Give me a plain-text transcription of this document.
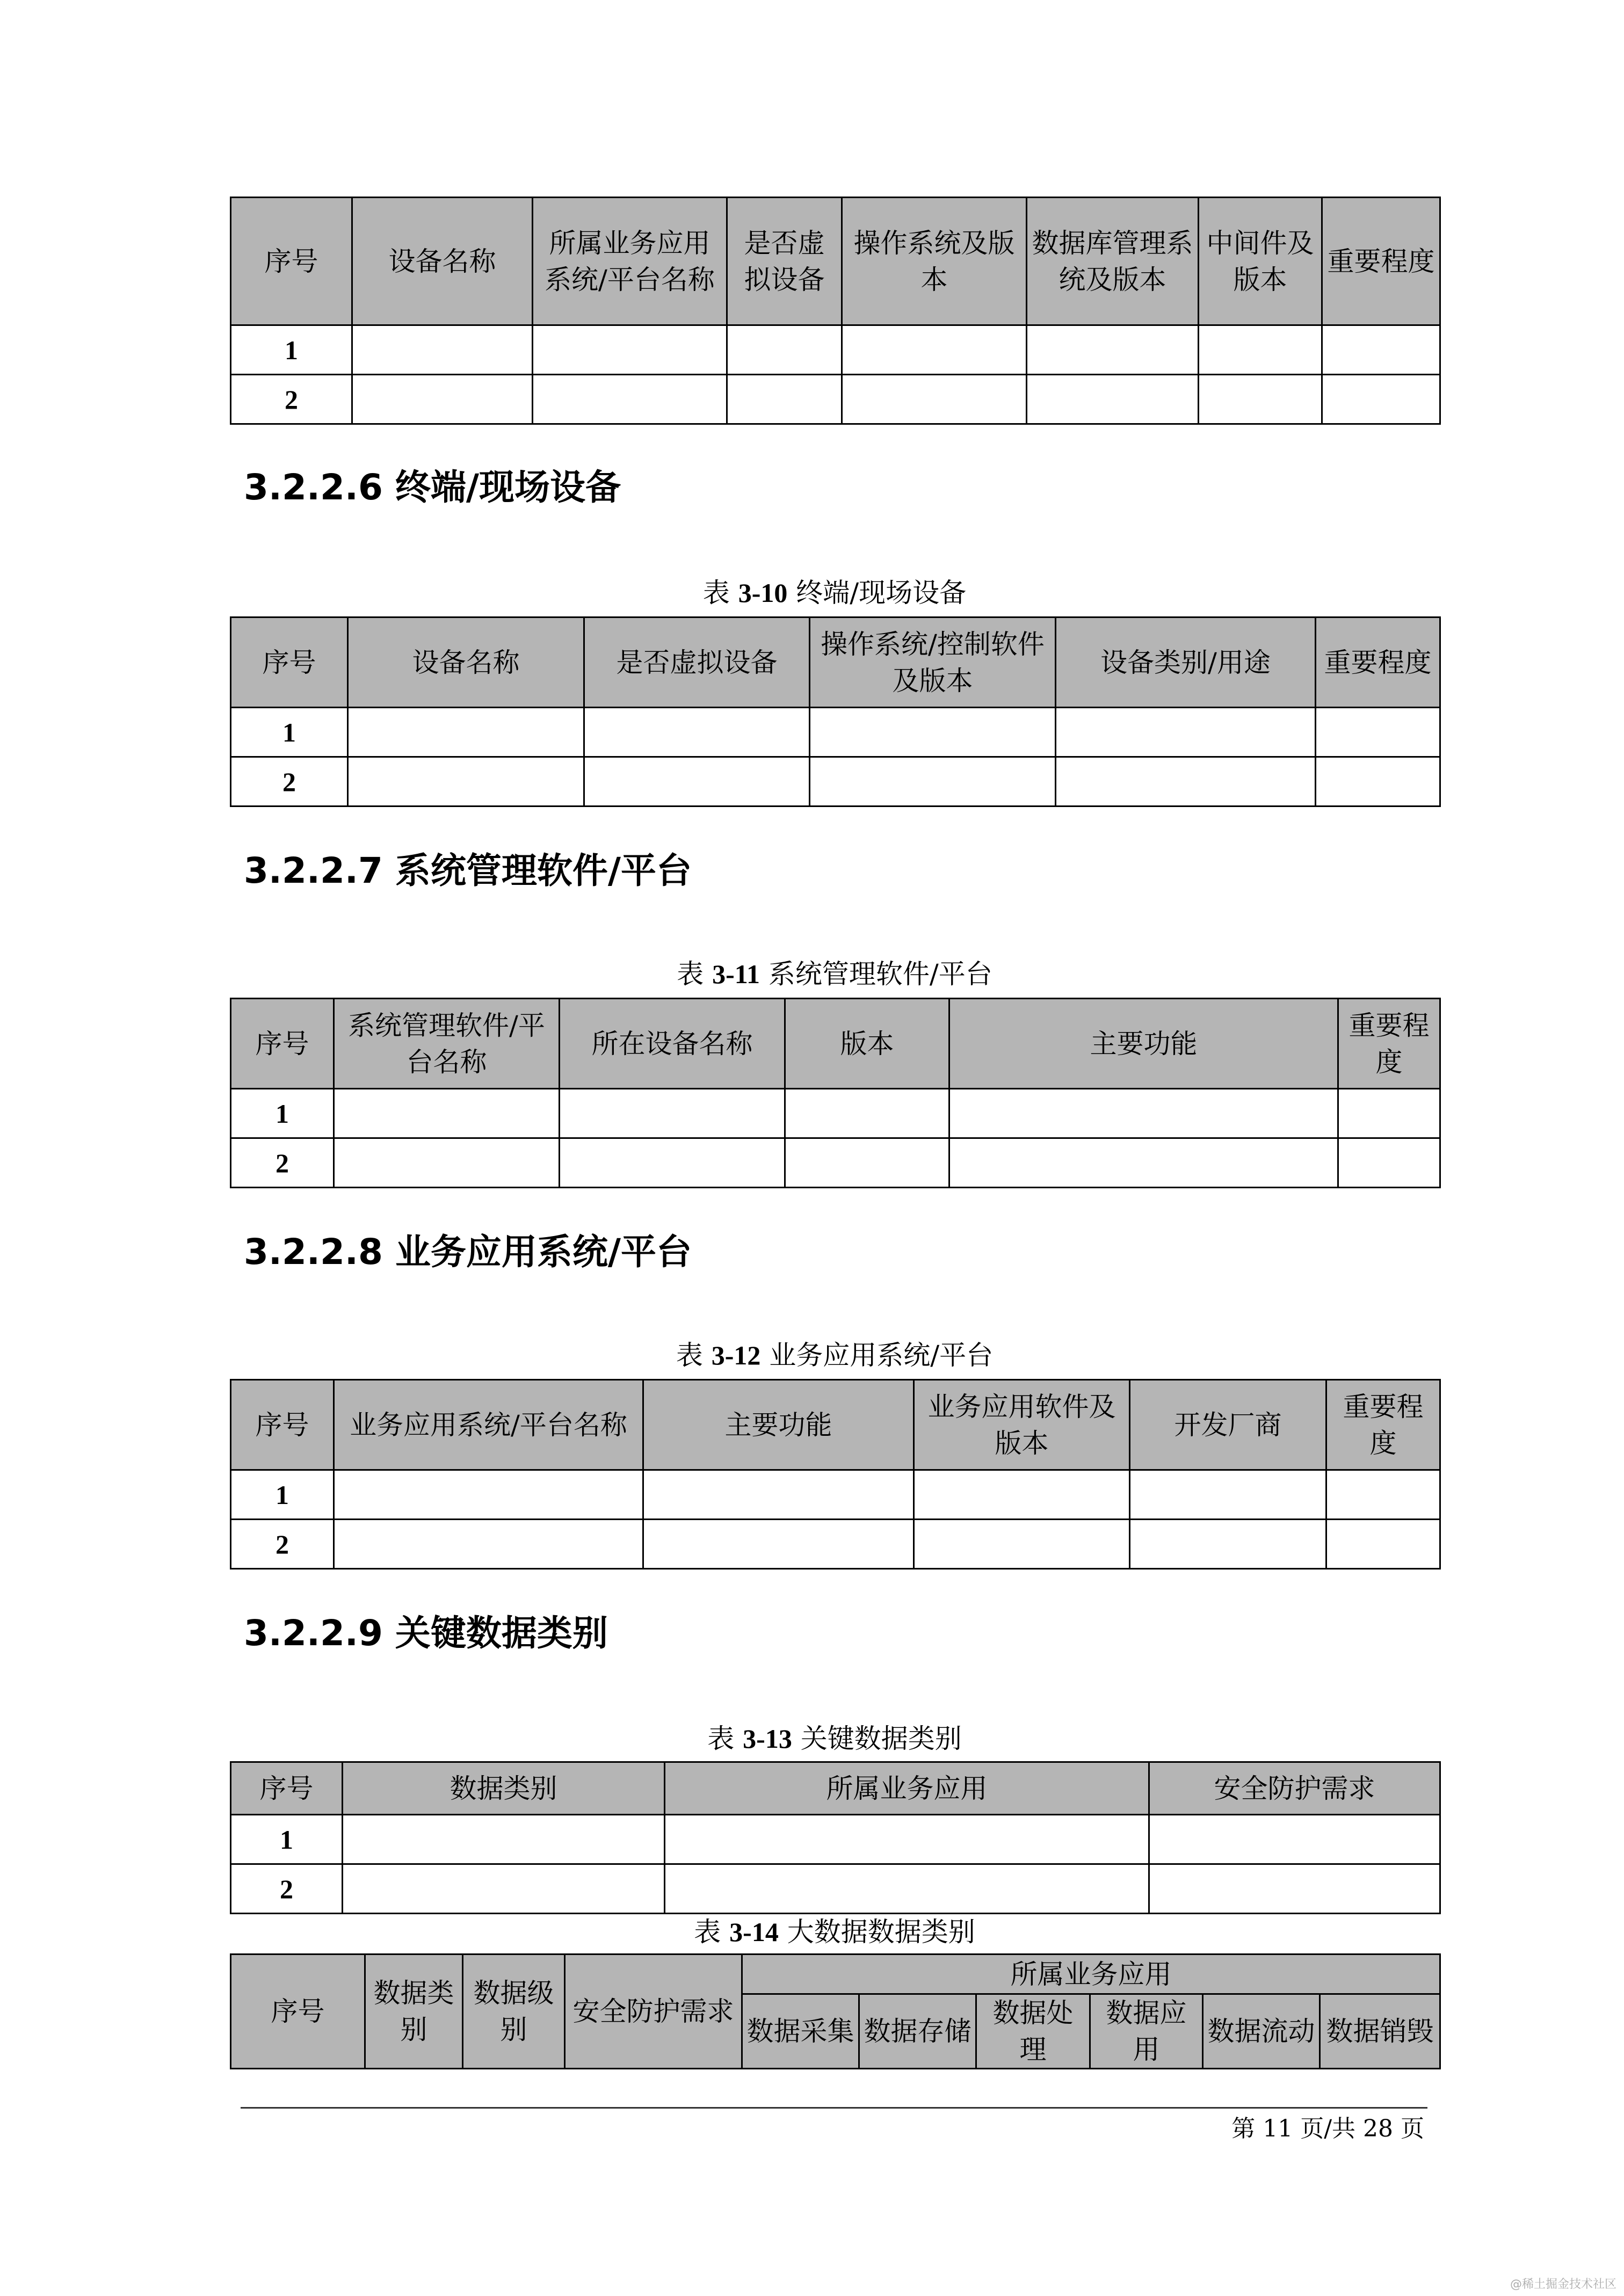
序号	设备名称	所属业务应用系统/平台名称	是否虚拟设备	操作系统及版本	数据库管理系统及版本	中间件及版本	重要程度
1							
2							
3.2.2.6 终端/现场设备

表 3-10 终端/现场设备

序号	设备名称	是否虚拟设备	操作系统/控制软件及版本	设备类别/用途	重要程度
1					
2					
3.2.2.7 系统管理软件/平台

表 3-11 系统管理软件/平台

序号	系统管理软件/平台名称	所在设备名称	版本	主要功能	重要程度
1					
2					
3.2.2.8 业务应用系统/平台

表 3-12 业务应用系统/平台

序号	业务应用系统/平台名称	主要功能	业务应用软件及版本	开发厂商	重要程度
1					
2					
3.2.2.9 关键数据类别

表 3-13 关键数据类别

序号	数据类别	所属业务应用	安全防护需求
1			
2			

表 3-14 大数据数据类别

序号	数据类别	数据级别	安全防护需求	所属业务应用					
				数据采集	数据存储	数据处理	数据应用	数据流动	数据销毁
第 11 页/共 28 页
@稀土掘金技术社区
